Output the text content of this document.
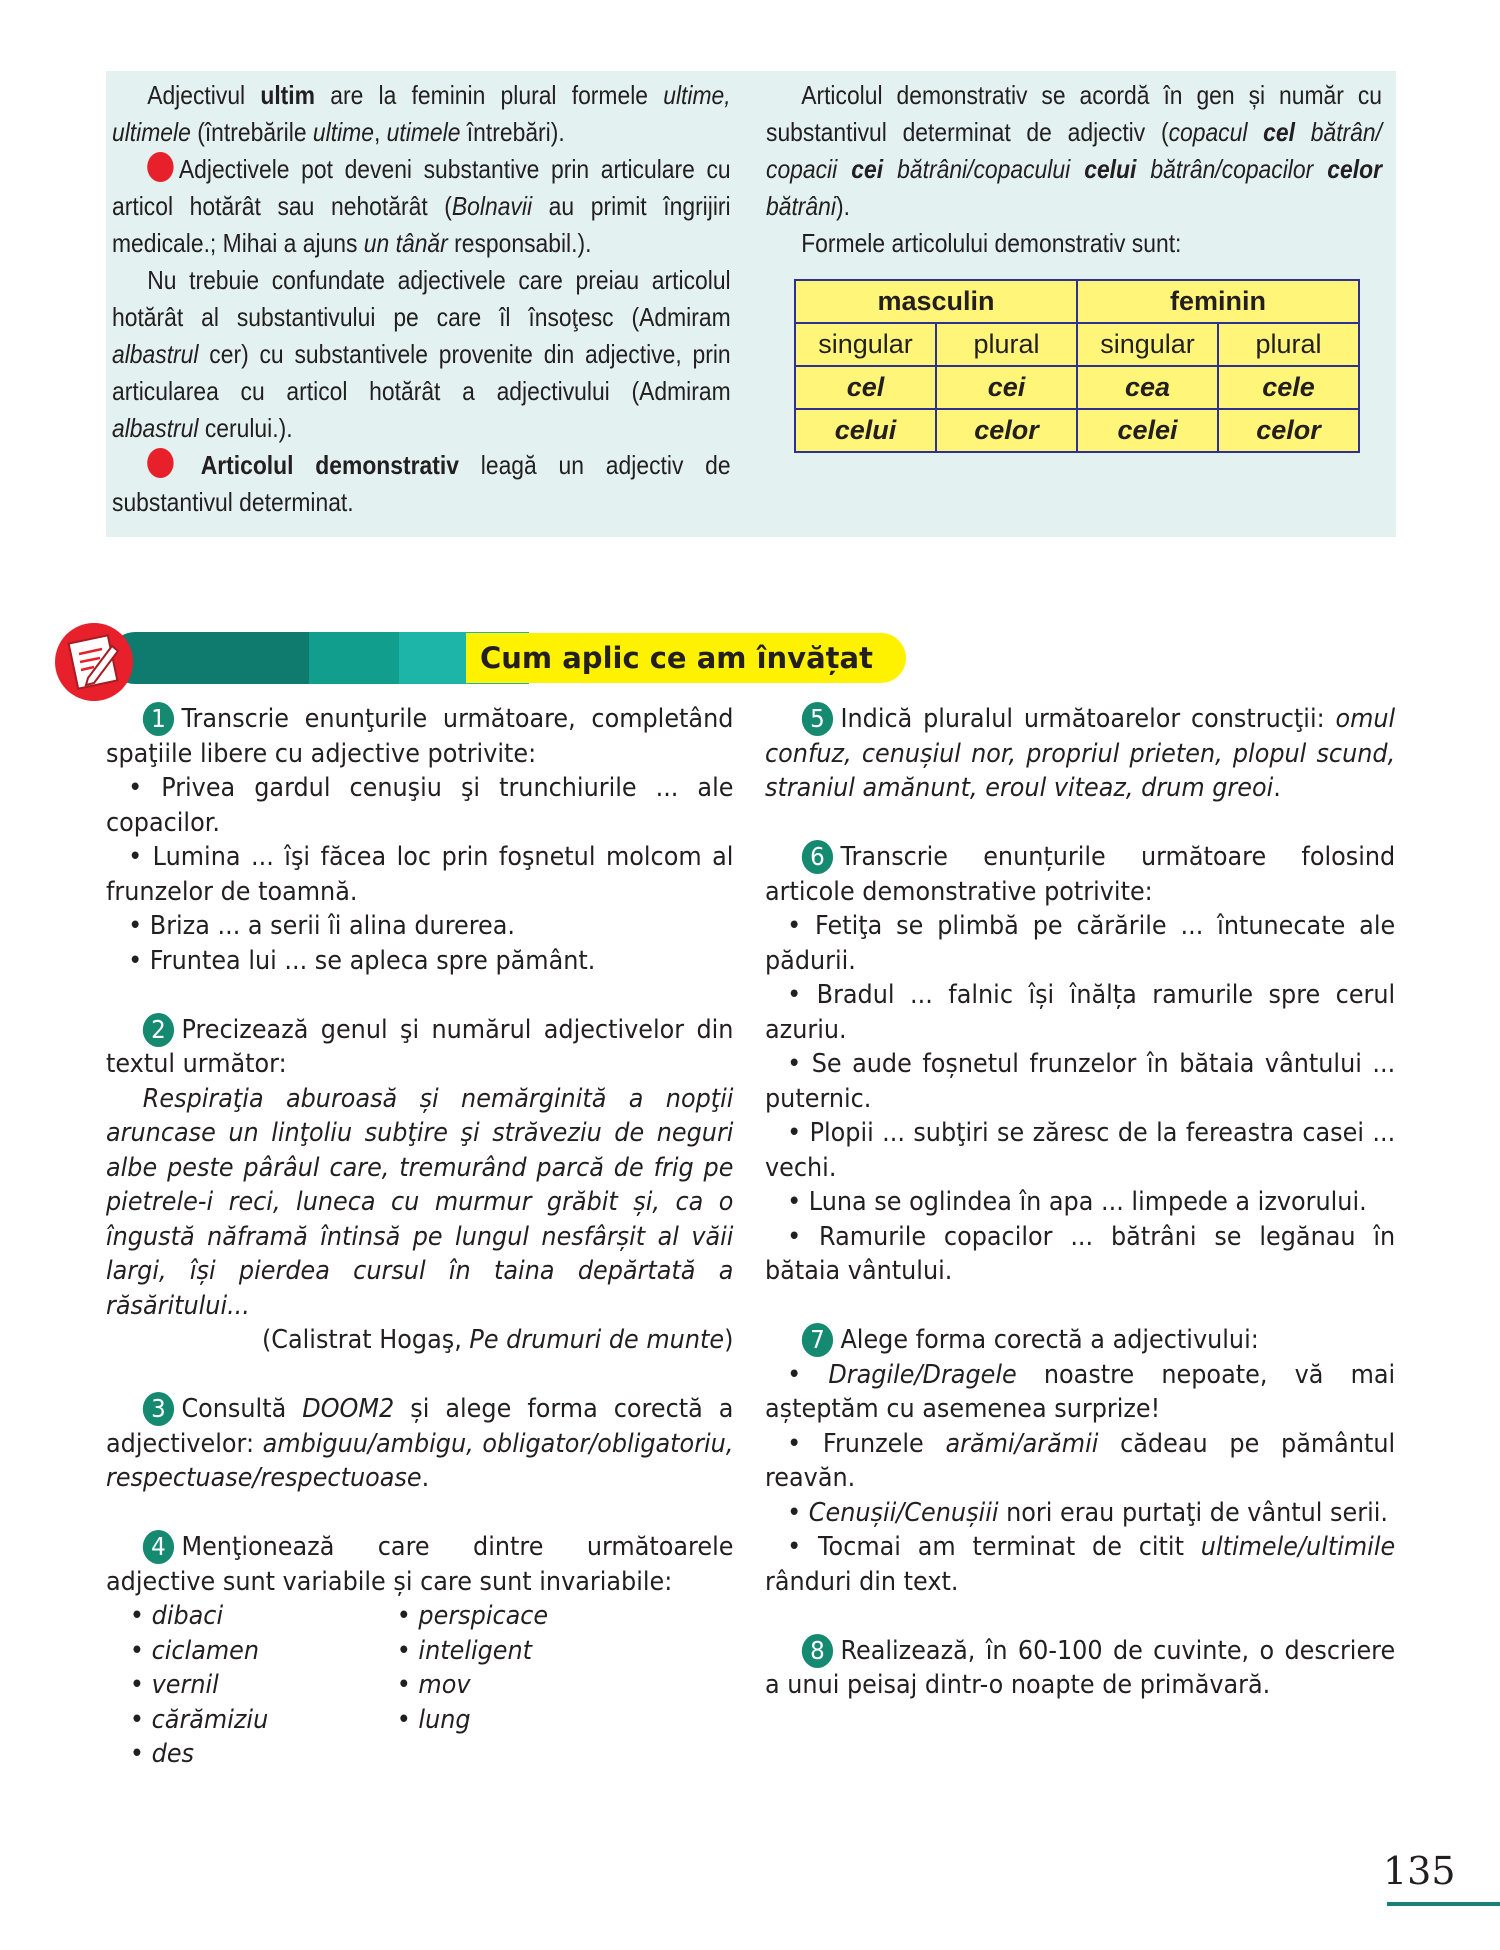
Adjectivul ultim are la feminin plural formele ultime, ultimele (întrebările ultime, utimele întrebări).

Adjectivele pot deveni substantive prin articulare cu articol hotărât sau nehotărât (Bolnavii au primit îngrijiri medicale.; Mihai a ajuns un tânăr responsabil.).

Nu trebuie confundate adjectivele care preiau articolul hotărât al substantivului pe care îl însoţesc (Admiram albastrul cer) cu substantivele provenite din adjective, prin articularea cu articol hotărât a adjectivului (Admiram albastrul cerului.).

Articolul demonstrativ leagă un adjectiv de substantivul determinat.

Articolul demonstrativ se acordă în gen și număr cu substantivul determinat de adjectiv (copacul cel bătrân/ copacii cei bătrâni/copacului celui bătrân/copacilor celor bătrâni).

Formele articolului demonstrativ sunt:

masculin		feminin	
singular	plural	singular	plural
cel	cei	cea	cele
celui	celor	celei	celor
Cum aplic ce am învățat

1 Transcrie enunţurile următoare, completând spaţiile libere cu adjective potrivite:

• Privea gardul cenuşiu şi trunchiurile ... ale copacilor.

• Lumina ... îşi făcea loc prin foşnetul molcom al frunzelor de toamnă.

• Briza ... a serii îi alina durerea.

• Fruntea lui ... se apleca spre pământ.

2 Precizează genul şi numărul adjectivelor din textul următor:

Respiraţia aburoasă și nemărginită a nopţii aruncase un linţoliu subţire şi străveziu de neguri albe peste pârâul care, tremurând parcă de frig pe pietrele-i reci, luneca cu murmur grăbit și, ca o îngustă năframă întinsă pe lungul nesfârșit al văii largi, își pierdea cursul în taina depărtată a răsăritului...

(Calistrat Hogaş, Pe drumuri de munte)

3 Consultă DOOM2 și alege forma corectă a adjectivelor: ambiguu/ambigu, obligator/obligatoriu, respectuase/respectuoase.

4 Menţionează care dintre următoarele adjective sunt variabile și care sunt invariabile:

• dibaci
• ciclamen
• vernil
• cărămiziu
• des
• perspicace
• inteligent
• mov
• lung

5 Indică pluralul următoarelor construcţii: omul confuz, cenușiul nor, propriul prieten, plopul scund, straniul amănunt, eroul viteaz, drum greoi.

6 Transcrie enunțurile următoare folosind articole demonstrative potrivite:

• Fetiţa se plimbă pe cărările ... întunecate ale pădurii.

• Bradul ... falnic își înălța ramurile spre cerul azuriu.

• Se aude foșnetul frunzelor în bătaia vântului ... puternic.

• Plopii ... subţiri se zăresc de la fereastra casei ... vechi.

• Luna se oglindea în apa ... limpede a izvorului.

• Ramurile copacilor ... bătrâni se legănau în bătaia vântului.

7 Alege forma corectă a adjectivului:

• Dragile/Dragele noastre nepoate, vă mai așteptăm cu asemenea surprize!

• Frunzele arămi/arămii cădeau pe pământul reavăn.

• Cenușii/Cenușiii nori erau purtaţi de vântul serii.

• Tocmai am terminat de citit ultimele/ultimile rânduri din text.

8 Realizează, în 60-100 de cuvinte, o descriere a unui peisaj dintr-o noapte de primăvară.

135
